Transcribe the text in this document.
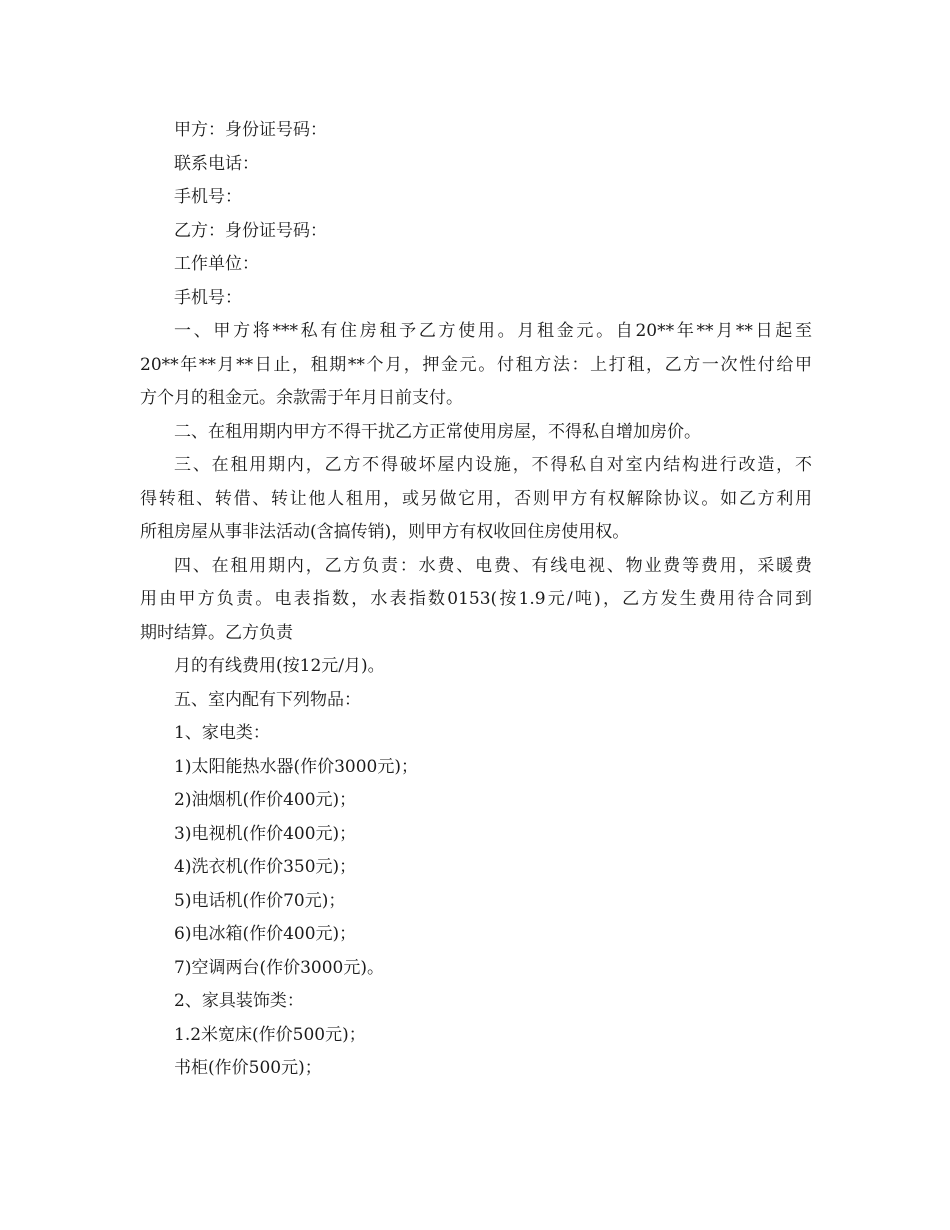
甲方：身份证号码：
联系电话：
手机号：
乙方：身份证号码：
工作单位：
手机号：
一、甲方将***私有住房租予乙方使用。月租金元。自20**年**月**日起至
20**年**月**日止，租期**个月，押金元。付租方法：上打租，乙方一次性付给甲
方个月的租金元。余款需于年月日前支付。
二、在租用期内甲方不得干扰乙方正常使用房屋，不得私自增加房价。
三、在租用期内，乙方不得破坏屋内设施，不得私自对室内结构进行改造，不
得转租、转借、转让他人租用，或另做它用，否则甲方有权解除协议。如乙方利用
所租房屋从事非法活动(含搞传销)，则甲方有权收回住房使用权。
四、在租用期内，乙方负责：水费、电费、有线电视、物业费等费用，采暖费
用由甲方负责。电表指数，水表指数0153(按1.9元/吨)，乙方发生费用待合同到
期时结算。乙方负责
月的有线费用(按12元/月)。
五、室内配有下列物品：
1、家电类：
1)太阳能热水器(作价3000元)；
2)油烟机(作价400元)；
3)电视机(作价400元)；
4)洗衣机(作价350元)；
5)电话机(作价70元)；
6)电冰箱(作价400元)；
7)空调两台(作价3000元)。
2、家具装饰类：
1.2米宽床(作价500元)；
书柜(作价500元)；
